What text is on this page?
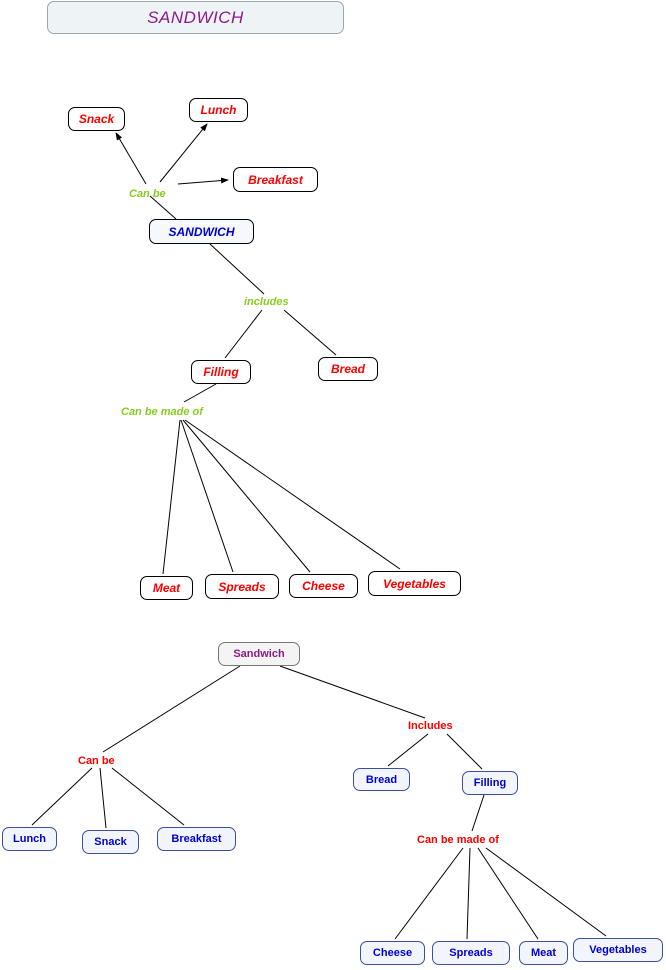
SANDWICH
SANDWICH
Snack
Lunch
Breakfast
Filling	Bread
Meat	Spreads	Cheese	Vegetables
Can be
includes
Can be made of
Sandwich
Bread	Filling
Lunch	Snack	Breakfast
Cheese	Spreads	Meat	Vegetables
Can be
Includes
Can be made of
